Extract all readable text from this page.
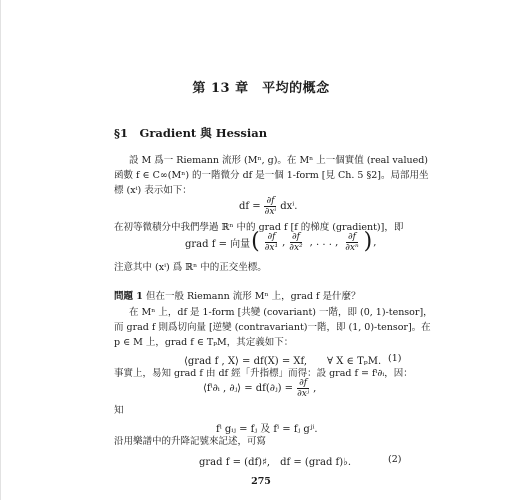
第 13 章　平均的概念
§1　Gradient 與 Hessian
設 M 爲一 Riemann 流形 (Mⁿ, g)。在 Mⁿ 上一個實值 (real valued)
函數 f ∈ C∞(Mⁿ) 的一階微分 df 是一個 1-form [見 Ch. 5 §2]。局部用坐
標 (xⁱ) 表示如下：
df = $\frac{\partial f}{\text{∂xⁱ}} dx^i$.
在初等微積分中我們學過 ℝⁿ 中的 grad f [f 的梯度 (gradient)]，即
grad f = 向量 ( $\frac{\partial f}{\text{∂x¹}}$ , $\frac{\partial f}{\text{∂x²}}$ , . . . , $\frac{\partial f}{\text{∂xⁿ}}$ ) ,
注意其中 (xⁱ) 爲 ℝⁿ 中的正交坐標。
問題 1 但在一般 Riemann 流形 Mⁿ 上，grad f 是什麼？
在 Mⁿ 上，df 是 1-form [共變 (covariant) 一階，即 (0, 1)-tensor]，
而 grad f 則爲切向量 [逆變 (contravariant)一階，即 (1, 0)-tensor]。在
p ∈ M 上，grad f ∈ TₚM，其定義如下：
⟨grad f , X⟩ = df(X) = Xf,　　∀ X ∈ TₚM. (1)
事實上，易知 grad f 由 df 經「升指標」而得：設 grad f = fⁱ∂ᵢ，因：
⟨fⁱ∂ᵢ , ∂ⱼ⟩ = df(∂ⱼ) = $\frac{\partial f}{\text{∂xʲ}}$ ,
知
fⁱ gᵢⱼ = fⱼ 及 fⁱ = fⱼ gʲⁱ.
沿用樂譜中的升降記號來記述，可寫
grad f = (df)♯,　df = (grad f)♭.	(2)
275
